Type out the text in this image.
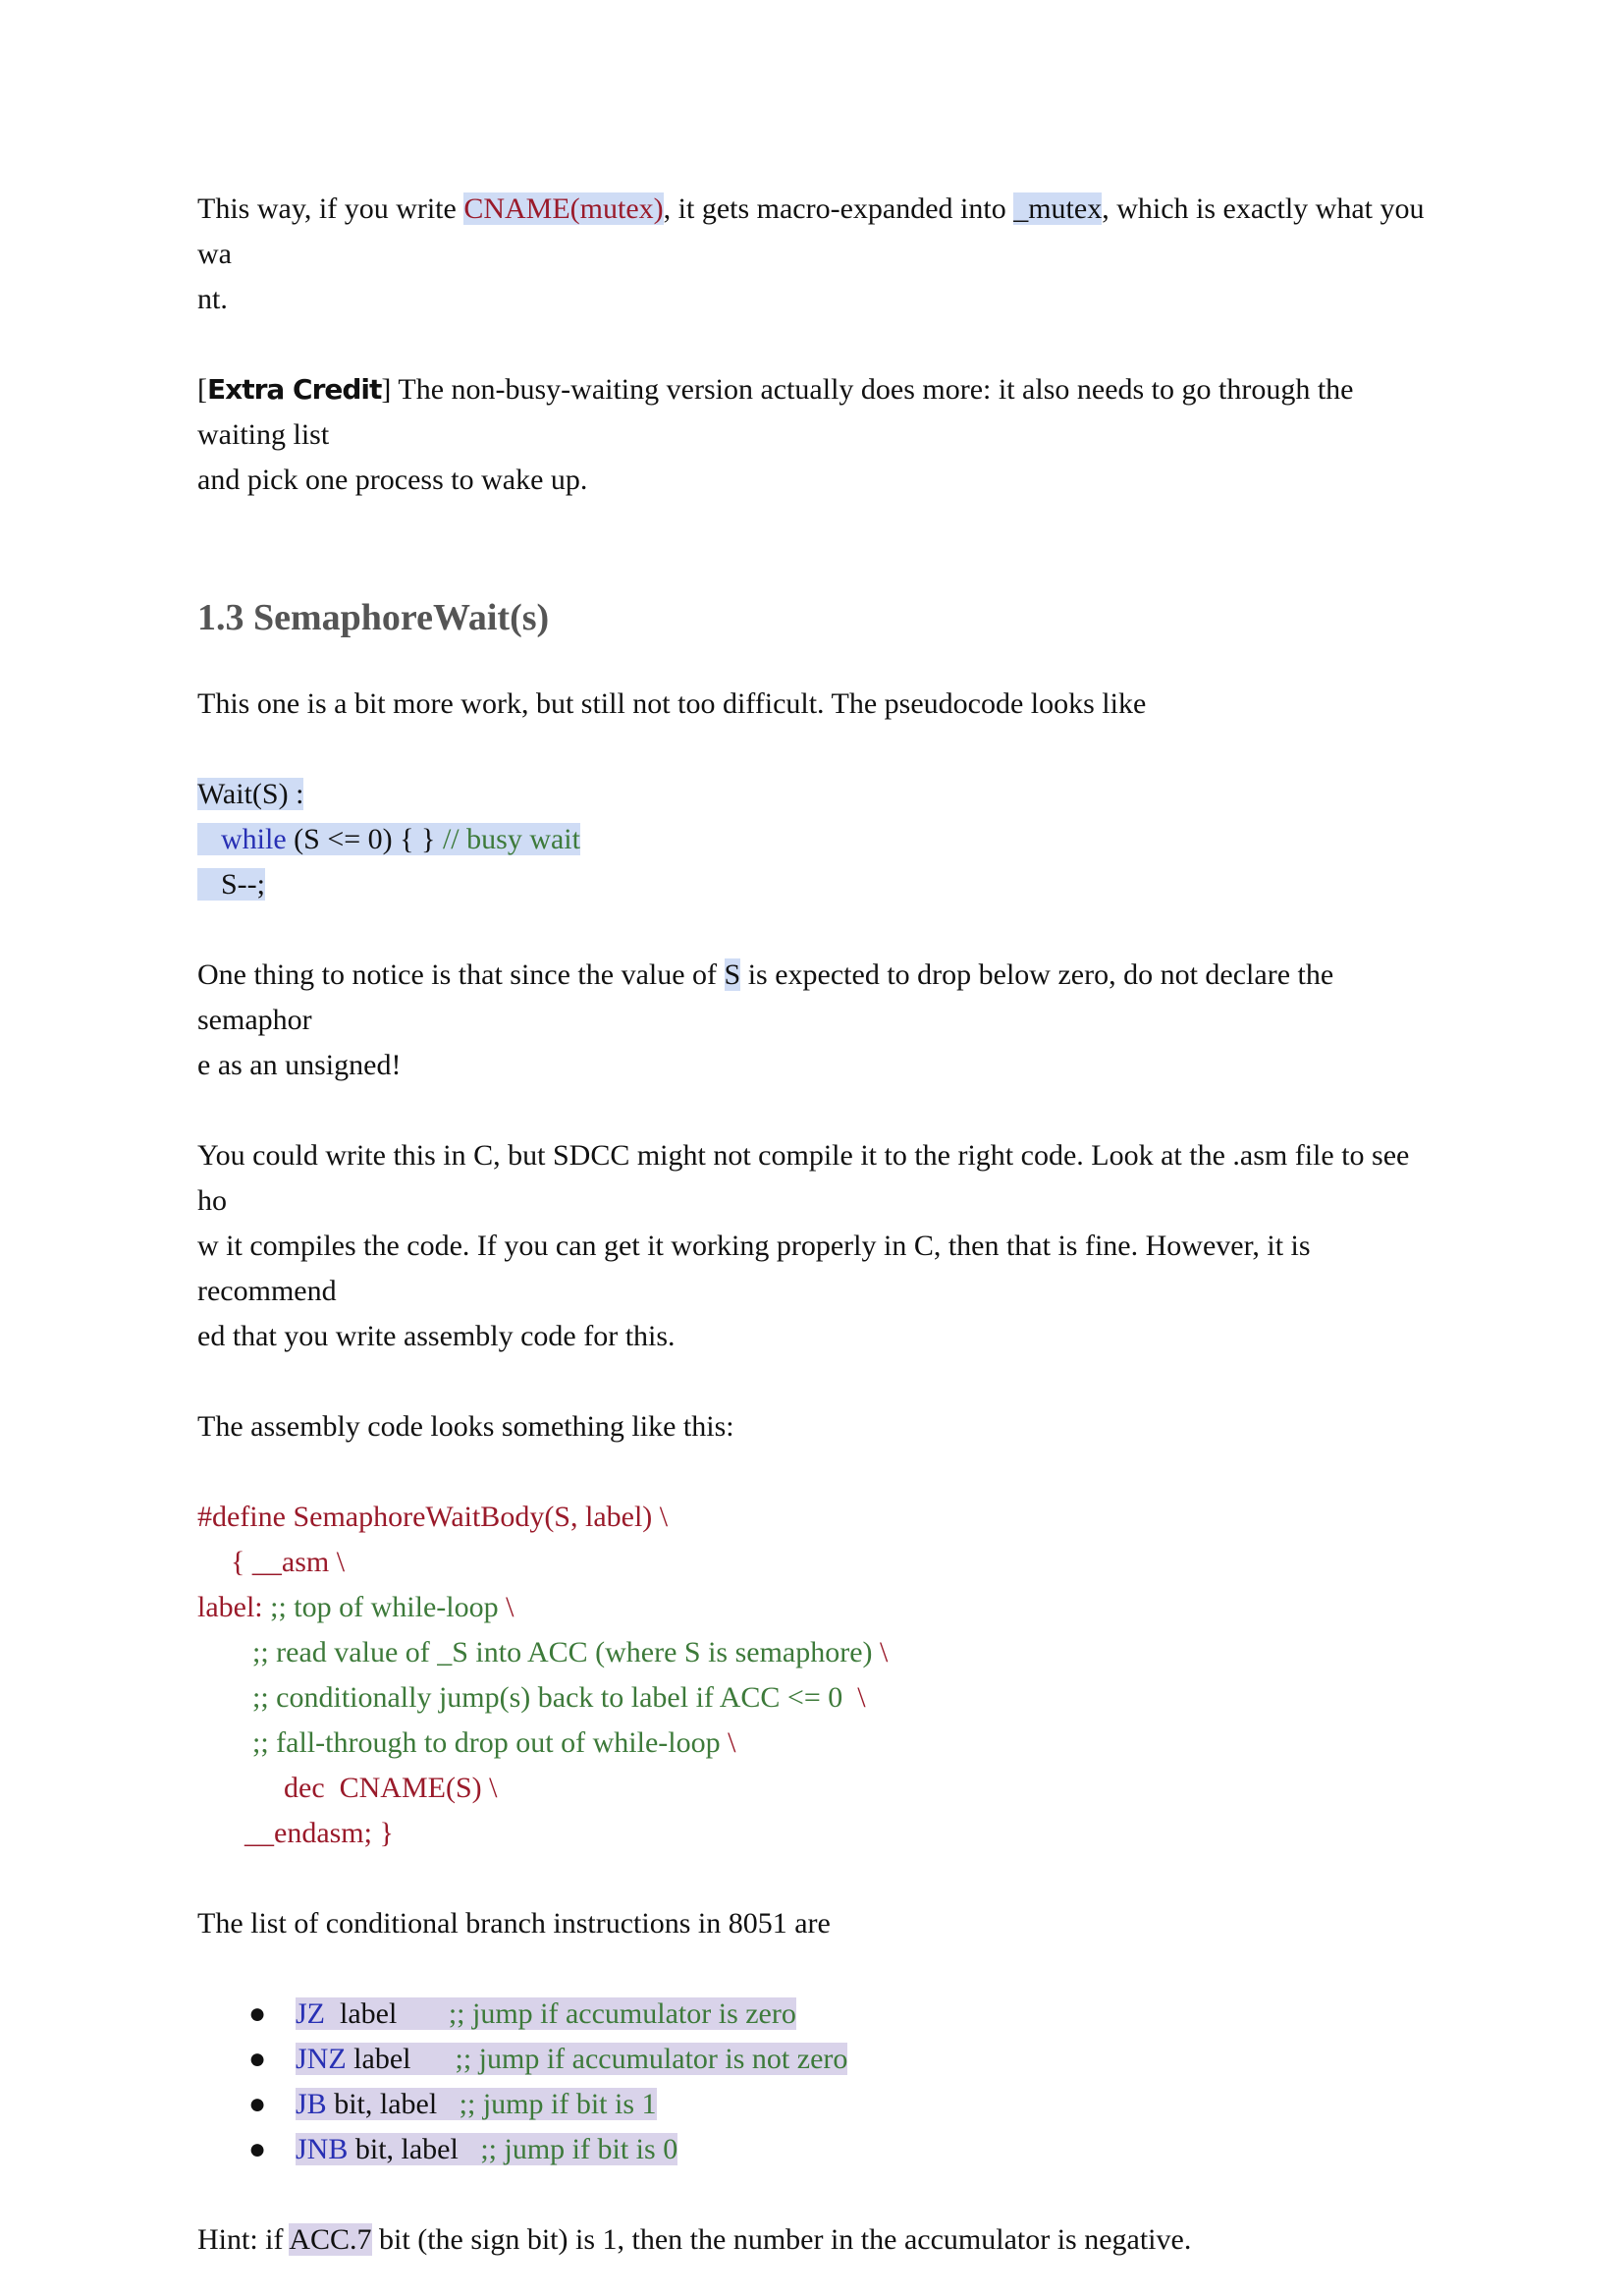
This way, if you write CNAME(mutex), it gets macro-expanded into _mutex, which is exactly what you wa

nt.

[Extra Credit] The non-busy-waiting version actually does more: it also needs to go through the waiting list

and pick one process to wake up.

1.3 SemaphoreWait(s)

This one is a bit more work, but still not too difficult. The pseudocode looks like

Wait(S) :

while (S <= 0) { } // busy wait

S--;

One thing to notice is that since the value of S is expected to drop below zero, do not declare the semaphor

e as an unsigned!

You could write this in C, but SDCC might not compile it to the right code. Look at the .asm file to see ho

w it compiles the code. If you can get it working properly in C, then that is fine. However, it is recommend

ed that you write assembly code for this.

The assembly code looks something like this:

#define SemaphoreWaitBody(S, label) \

{ __asm \

label: ;; top of while-loop \

;; read value of _S into ACC (where S is semaphore) \

;; conditionally jump(s) back to label if ACC <= 0  \

;; fall-through to drop out of while-loop \

dec  CNAME(S) \

__endasm; }

The list of conditional branch instructions in 8051 are

● JZ  label       ;; jump if accumulator is zero
● JNZ label      ;; jump if accumulator is not zero
● JB bit, label   ;; jump if bit is 1
● JNB bit, label   ;; jump if bit is 0

Hint: if ACC.7 bit (the sign bit) is 1, then the number in the accumulator is negative.
